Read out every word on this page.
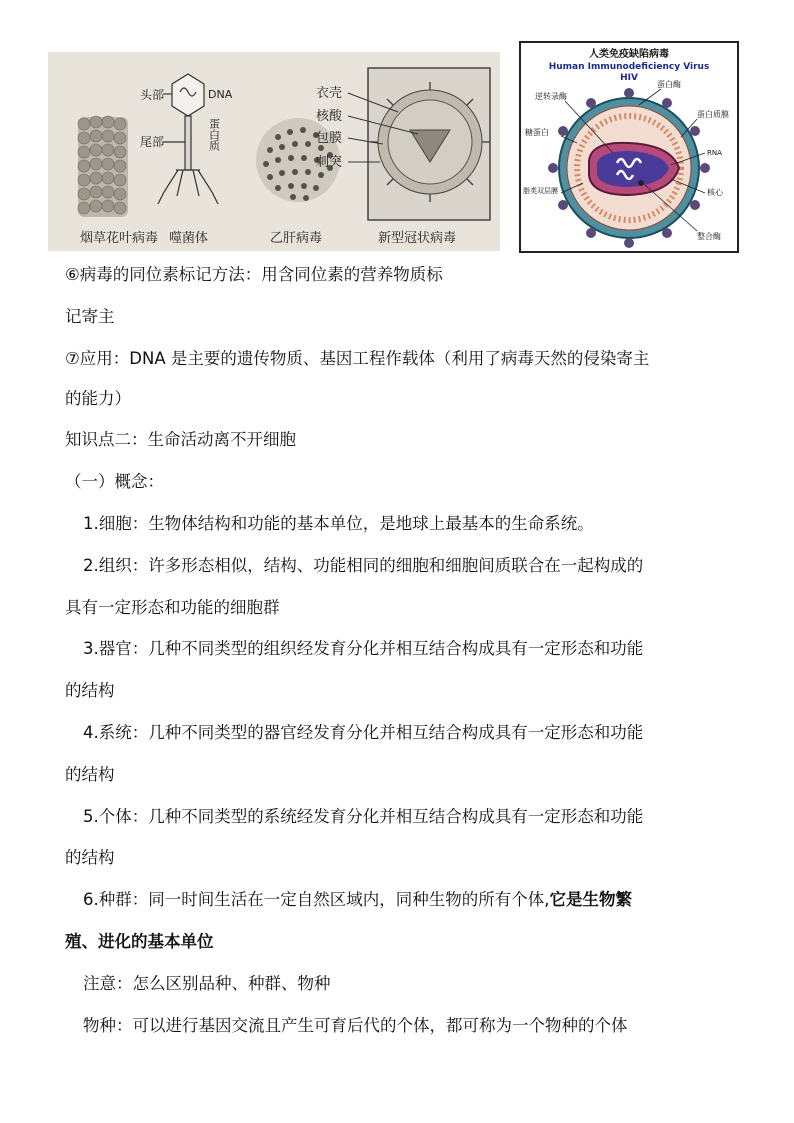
烟草花叶病毒 噬菌体	乙肝病毒	新型冠状病毒
头部
尾部
DNA
蛋白质
衣壳
核酸
包膜
刺突
人类免疫缺陷病毒
Human Immunodeficiency Virus
HIV
逆转录酶
蛋白酶
蛋白质膜
糖蛋白
RNA
脂类双层膜	核心
整合酶
⑥病毒的同位素标记方法：用含同位素的营养物质标
记寄主
⑦应用：DNA 是主要的遗传物质、基因工程作载体（利用了病毒天然的侵染寄主
的能力）
知识点二：生命活动离不开细胞
（一）概念：
1.细胞：生物体结构和功能的基本单位，是地球上最基本的生命系统。
2.组织：许多形态相似，结构、功能相同的细胞和细胞间质联合在一起构成的
具有一定形态和功能的细胞群
3.器官：几种不同类型的组织经发育分化并相互结合构成具有一定形态和功能
的结构
4.系统：几种不同类型的器官经发育分化并相互结合构成具有一定形态和功能
的结构
5.个体：几种不同类型的系统经发育分化并相互结合构成具有一定形态和功能
的结构
6.种群：同一时间生活在一定自然区域内，同种生物的所有个体,它是生物繁
殖、进化的基本单位
注意：怎么区别品种、种群、物种
物种：可以进行基因交流且产生可育后代的个体，都可称为一个物种的个体
